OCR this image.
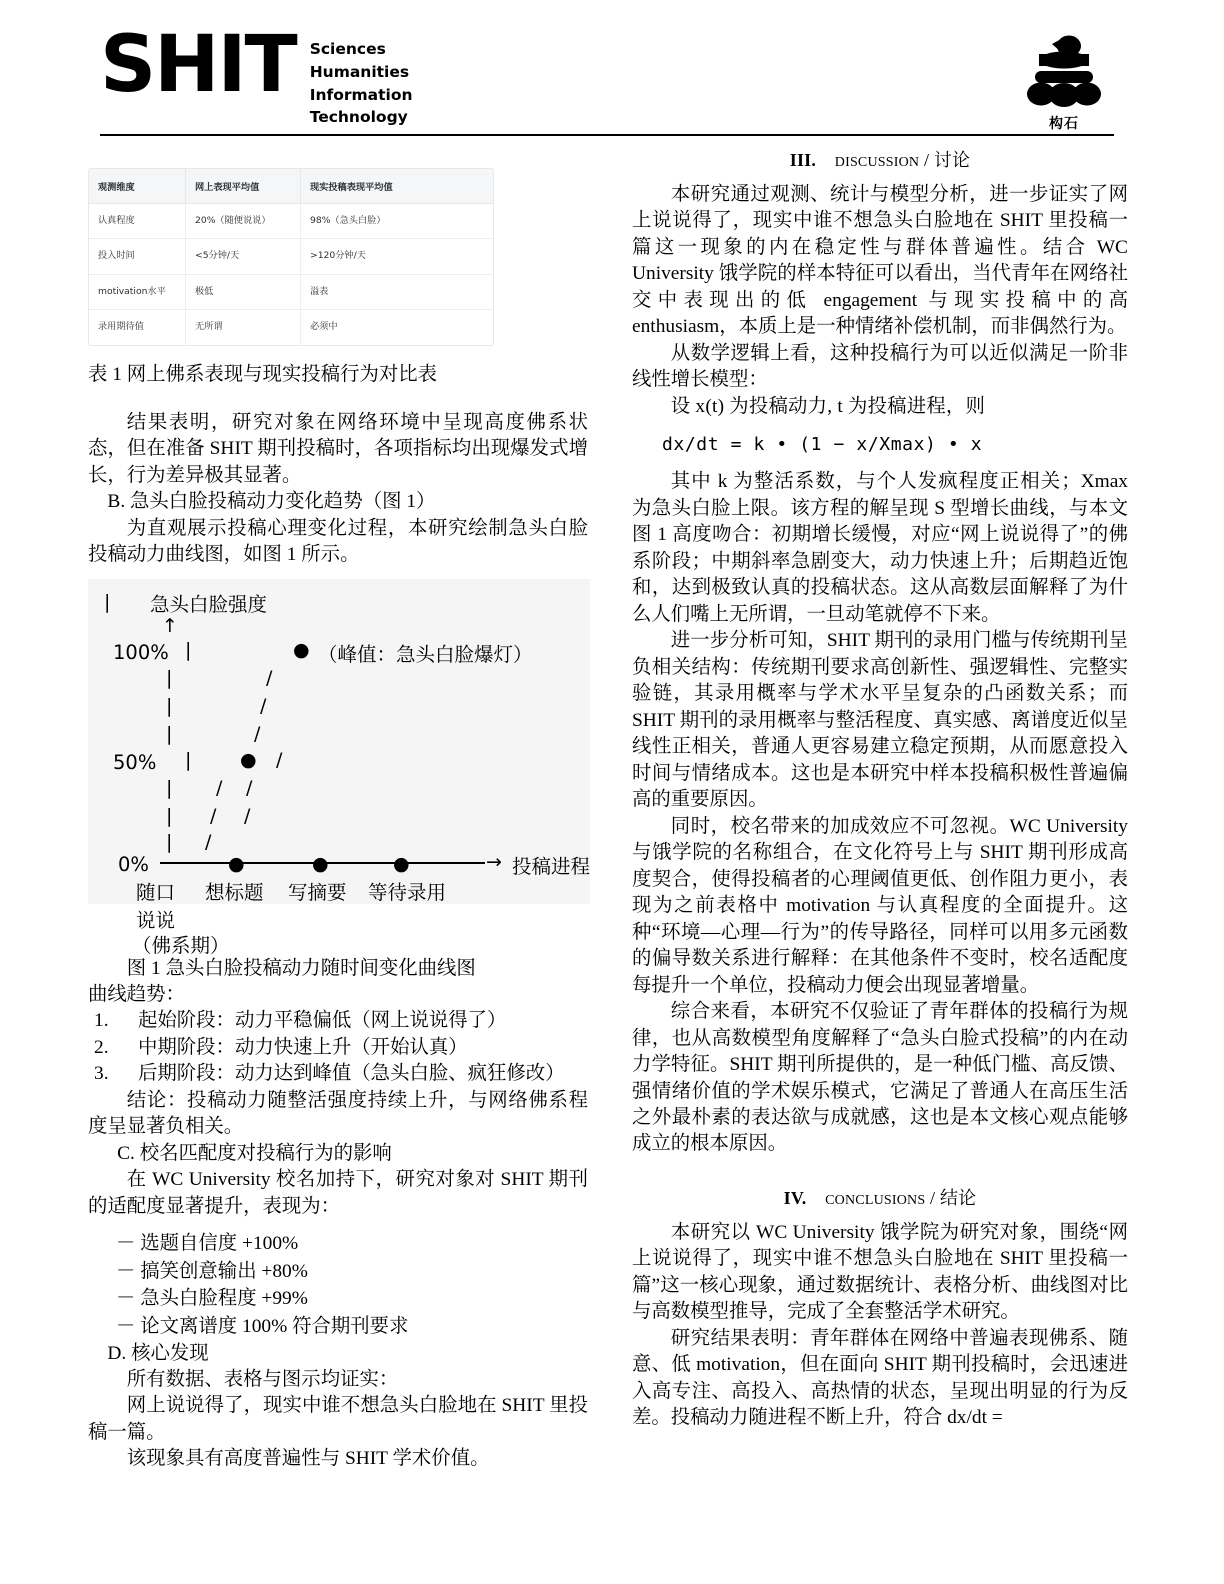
SHIT Sciences
Humanities
Information
Technology	构石
观测维度	网上表现平均值	现实投稿表现平均值
认真程度	20%（随便说说）	98%（急头白脸）
投入时间	<5分钟/天	>120分钟/天
motivation水平	极低	溢表
录用期待值	无所谓	必须中
表 1 网上佛系表现与现实投稿行为对比表

结果表明，研究对象在网络环境中呈现高度佛系状态，但在准备 SHIT 期刊投稿时，各项指标均出现爆发式增长，行为差异极其显著。

B. 急头白脸投稿动力变化趋势（图 1）

为直观展示投稿心理变化过程，本研究绘制急头白脸投稿动力曲线图，如图 1 所示。

| 急头白脸强度
↑
100% |	● （峰值：急头白脸爆灯）
|
|
|
/
/
/
50% |	● /
| / /
| / /
| /
0%	●	●	●	→ 投稿进程
随口 想标题 写摘要 等待录用
说说
（佛系期）

图 1 急头白脸投稿动力随时间变化曲线图

曲线趋势：

1. 起始阶段：动力平稳偏低（网上说说得了）
2. 中期阶段：动力快速上升（开始认真）
3. 后期阶段：动力达到峰值（急头白脸、疯狂修改）

结论：投稿动力随整活强度持续上升，与网络佛系程度呈显著负相关。

C. 校名匹配度对投稿行为的影响

在 WC University 校名加持下，研究对象对 SHIT 期刊的适配度显著提升，表现为：

－ 选题自信度 +100%
－ 搞笑创意输出 +80%
－ 急头白脸程度 +99%
－ 论文离谱度 100% 符合期刊要求

D. 核心发现

所有数据、表格与图示均证实：

网上说说得了，现实中谁不想急头白脸地在 SHIT 里投稿一篇。

该现象具有高度普遍性与 SHIT 学术价值。

III. discussion / 讨论

本研究通过观测、统计与模型分析，进一步证实了网上说说得了，现实中谁不想急头白脸地在 SHIT 里投稿一篇这一现象的内在稳定性与群体普遍性。结合 WC University 饿学院的样本特征可以看出，当代青年在网络社交中表现出的低 engagement 与现实投稿中的高 enthusiasm，本质上是一种情绪补偿机制，而非偶然行为。

从数学逻辑上看，这种投稿行为可以近似满足一阶非线性增长模型：

设 x(t) 为投稿动力, t 为投稿进程，则

dx/dt = k • (1 − x/Xmax) • x

其中 k 为整活系数，与个人发疯程度正相关；Xmax 为急头白脸上限。该方程的解呈现 S 型增长曲线，与本文图 1 高度吻合：初期增长缓慢，对应“网上说说得了”的佛系阶段；中期斜率急剧变大，动力快速上升；后期趋近饱和，达到极致认真的投稿状态。这从高数层面解释了为什么人们嘴上无所谓，一旦动笔就停不下来。

进一步分析可知，SHIT 期刊的录用门槛与传统期刊呈负相关结构：传统期刊要求高创新性、强逻辑性、完整实验链，其录用概率与学术水平呈复杂的凸函数关系；而 SHIT 期刊的录用概率与整活程度、真实感、离谱度近似呈线性正相关，普通人更容易建立稳定预期，从而愿意投入时间与情绪成本。这也是本研究中样本投稿积极性普遍偏高的重要原因。

同时，校名带来的加成效应不可忽视。WC University 与饿学院的名称组合，在文化符号上与 SHIT 期刊形成高度契合，使得投稿者的心理阈值更低、创作阻力更小，表现为之前表格中 motivation 与认真程度的全面提升。这种“环境—心理—行为”的传导路径，同样可以用多元函数的偏导数关系进行解释：在其他条件不变时，校名适配度每提升一个单位，投稿动力便会出现显著增量。

综合来看，本研究不仅验证了青年群体的投稿行为规律，也从高数模型角度解释了“急头白脸式投稿”的内在动力学特征。SHIT 期刊所提供的，是一种低门槛、高反馈、强情绪价值的学术娱乐模式，它满足了普通人在高压生活之外最朴素的表达欲与成就感，这也是本文核心观点能够成立的根本原因。

IV. conclusions / 结论

本研究以 WC University 饿学院为研究对象，围绕“网上说说得了，现实中谁不想急头白脸地在 SHIT 里投稿一篇”这一核心现象，通过数据统计、表格分析、曲线图对比与高数模型推导，完成了全套整活学术研究。

研究结果表明：青年群体在网络中普遍表现佛系、随意、低 motivation，但在面向 SHIT 期刊投稿时，会迅速进入高专注、高投入、高热情的状态，呈现出明显的行为反差。投稿动力随进程不断上升，符合 dx/dt =
